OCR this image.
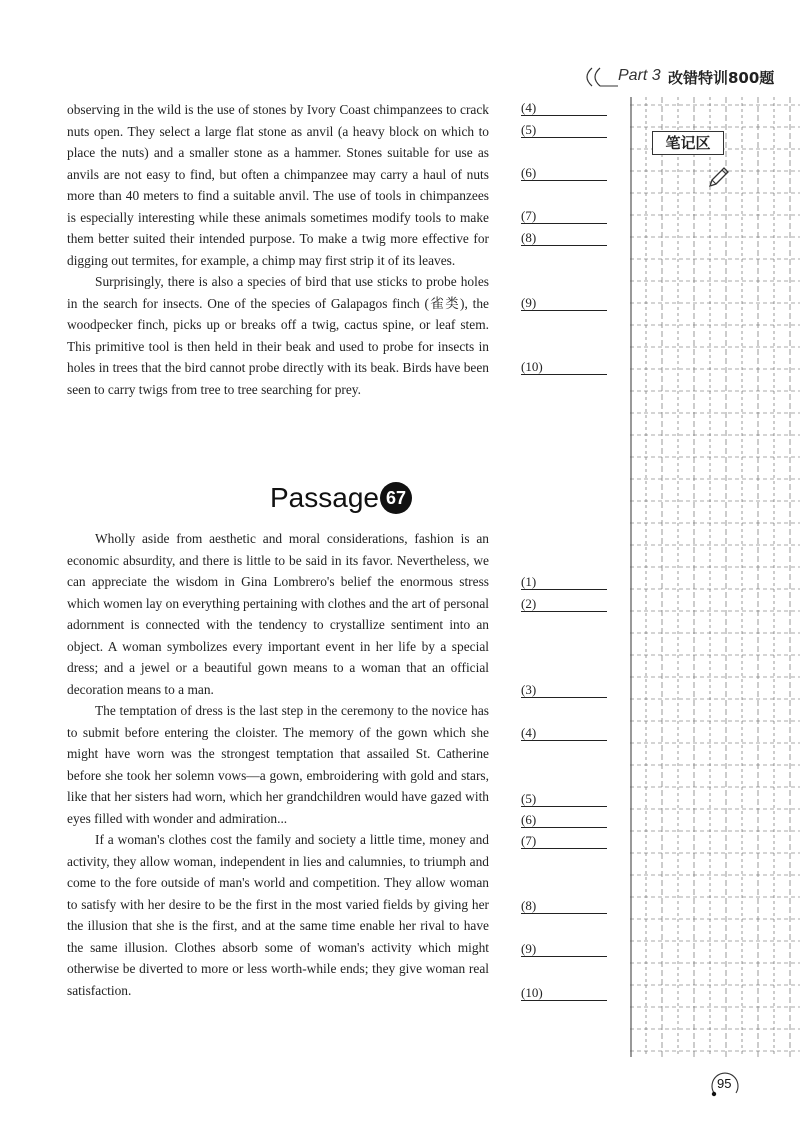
Part 3 改错特训800题
笔记区

observing in the wild is the use of stones by Ivory Coast chimpanzees to crack nuts open. They select a large flat stone as anvil (a heavy block on which to place the nuts) and a smaller stone as a hammer. Stones suitable for use as anvils are not easy to find, but often a chimpanzee may carry a haul of nuts more than 40 meters to find a suitable anvil. The use of tools in chimpanzees is especially interesting while these animals sometimes modify tools to make them better suited their intended purpose. To make a twig more effective for digging out termites, for example, a chimp may first strip it of its leaves.

Surprisingly, there is also a species of bird that use sticks to probe holes in the search for insects. One of the species of Galapagos finch (雀类), the woodpecker finch, picks up or breaks off a twig, cactus spine, or leaf stem. This primitive tool is then held in their beak and used to probe for insects in holes in trees that the bird cannot probe directly with its beak. Birds have been seen to carry twigs from tree to tree searching for prey.

(4)
(5)
(6)
(7)
(8)
(9)
(10)
Passage 67

Wholly aside from aesthetic and moral considerations, fashion is an economic absurdity, and there is little to be said in its favor. Nevertheless, we can appreciate the wisdom in Gina Lombrero's belief the enormous stress which women lay on everything pertaining with clothes and the art of personal adornment is connected with the tendency to crystallize sentiment into an object. A woman symbolizes every important event in her life by a special dress; and a jewel or a beautiful gown means to a woman that an official decoration means to a man.

The temptation of dress is the last step in the ceremony to the novice has to submit before entering the cloister. The memory of the gown which she might have worn was the strongest temptation that assailed St. Catherine before she took her solemn vows—a gown, embroidering with gold and stars, like that her sisters had worn, which her grandchildren would have gazed with eyes filled with wonder and admiration...

If a woman's clothes cost the family and society a little time, money and activity, they allow woman, independent in lies and calumnies, to triumph and come to the fore outside of man's world and competition. They allow woman to satisfy with her desire to be the first in the most varied fields by giving her the illusion that she is the first, and at the same time enable her rival to have the same illusion. Clothes absorb some of woman's activity which might otherwise be diverted to more or less worth-while ends; they give woman real satisfaction.

(1)
(2)
(3)
(4)
(5)
(6)
(7)
(8)
(9)
(10)
95
